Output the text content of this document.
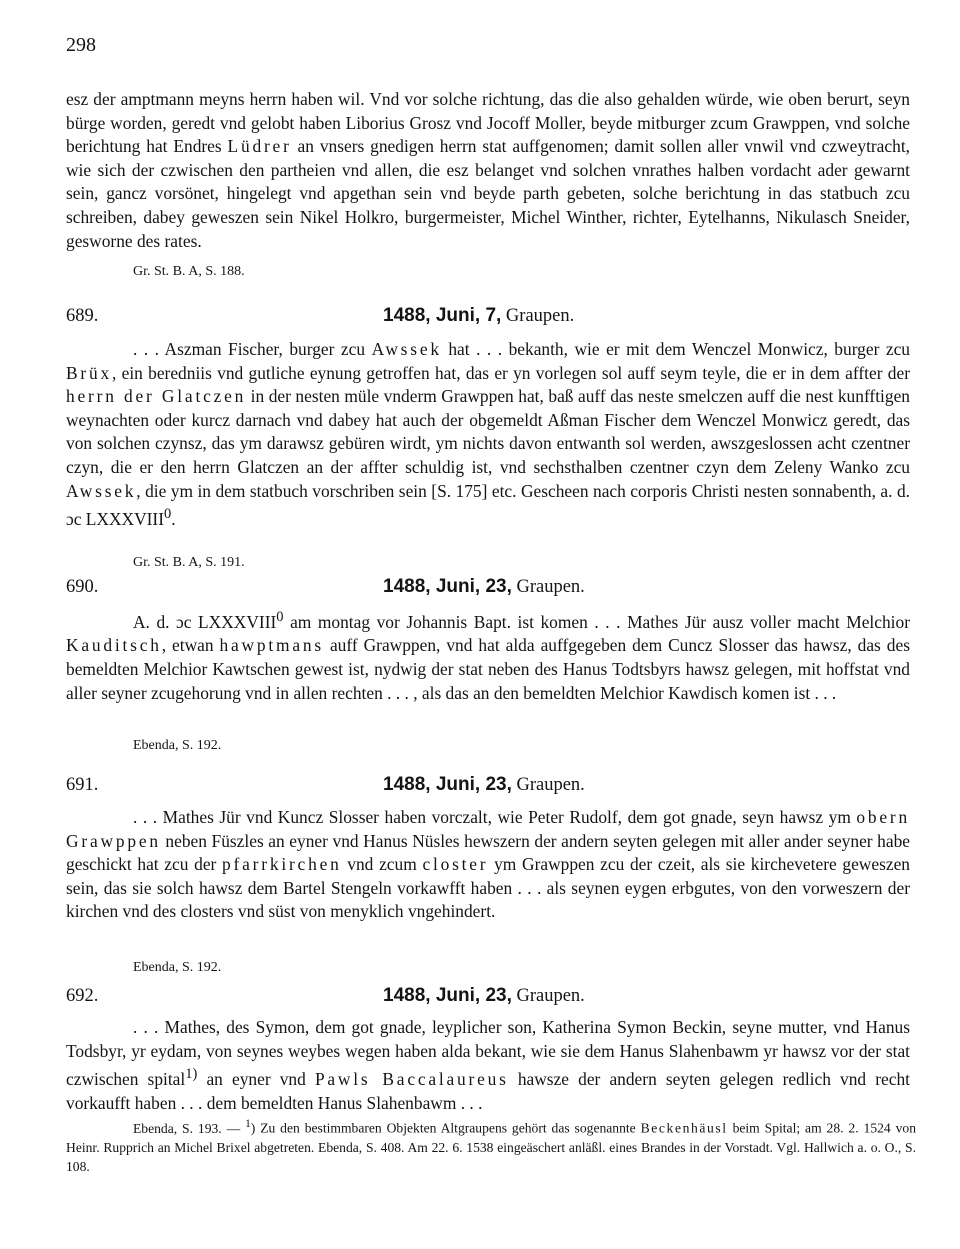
298

esz der amptmann meyns herrn haben wil. Vnd vor solche richtung, das die also gehalden würde, wie oben berurt, seyn bürge worden, geredt vnd gelobt haben Liborius Grosz vnd Jocoff Moller, beyde mitburger zcum Grawppen, vnd solche berichtung hat Endres Lüdrer an vnsers gnedigen herrn stat auffgenomen; damit sollen aller vnwil vnd czweytracht, wie sich der czwischen den partheien vnd allen, die esz belanget vnd solchen vnrathes halben vordacht ader gewarnt sein, gancz vorsönet, hingelegt vnd apgethan sein vnd beyde parth gebeten, solche berichtung in das statbuch zcu schreiben, dabey geweszen sein Nikel Holkro, burgermeister, Michel Winther, richter, Eytelhanns, Nikulasch Sneider, gesworne des rates.

Gr. St. B. A, S. 188.
689.	1488, Juni, 7, Graupen.

. . . Aszman Fischer, burger zcu Awssek hat . . . bekanth, wie er mit dem Wenczel Monwicz, burger zcu Brüx, ein beredniis vnd gutliche eynung getroffen hat, das er yn vorlegen sol auff seym teyle, die er in dem affter der herrn der Glatczen in der nesten müle vnderm Grawppen hat, baß auff das neste smelczen auff die nest kunfftigen weynachten oder kurcz darnach vnd dabey hat auch der obgemeldt Aßman Fischer dem Wenczel Monwicz geredt, das von solchen czynsz, das ym darawsz gebüren wirdt, ym nichts davon entwanth sol werden, awszgeslossen acht czentner czyn, die er den herrn Glatczen an der affter schuldig ist, vnd sechsthalben czentner czyn dem Zeleny Wanko zcu Awssek, die ym in dem statbuch vorschriben sein [S. 175] etc. Gescheen nach corporis Christi nesten sonnabenth, a. d. ɔc LXXXVIII$^0$.

Gr. St. B. A, S. 191.
690.	1488, Juni, 23, Graupen.

A. d. ɔc LXXXVIII$^0$ am montag vor Johannis Bapt. ist komen . . . Mathes Jür ausz voller macht Melchior Kauditsch, etwan hawptmans auff Grawppen, vnd hat alda auffgegeben dem Cuncz Slosser das hawsz, das des bemeldten Melchior Kawtschen gewest ist, nydwig der stat neben des Hanus Todtsbyrs hawsz gelegen, mit hoffstat vnd aller seyner zcugehorung vnd in allen rechten . . . , als das an den bemeldten Melchior Kawdisch komen ist . . .

Ebenda, S. 192.
691.	1488, Juni, 23, Graupen.

. . . Mathes Jür vnd Kuncz Slosser haben vorczalt, wie Peter Rudolf, dem got gnade, seyn hawsz ym obern Grawppen neben Füszles an eyner vnd Hanus Nüsles hewszern der andern seyten gelegen mit aller ander seyner habe geschickt hat zcu der pfarrkirchen vnd zcum closter ym Grawppen zcu der czeit, als sie kirchevetere geweszen sein, das sie solch hawsz dem Bartel Stengeln vorkawfft haben . . . als seynen eygen erbgutes, von den vorweszern der kirchen vnd des closters vnd süst von menyklich vngehindert.

Ebenda, S. 192.
692.	1488, Juni, 23, Graupen.

. . . Mathes, des Symon, dem got gnade, leyplicher son, Katherina Symon Beckin, seyne mutter, vnd Hanus Todsbyr, yr eydam, von seynes weybes wegen haben alda bekant, wie sie dem Hanus Slahenbawm yr hawsz vor der stat czwischen spital$^{1)}$ an eyner vnd Pawls Baccalaureus hawsze der andern seyten gelegen redlich vnd recht vorkaufft haben . . . dem bemeldten Hanus Slahenbawm . . .

Ebenda, S. 193. — $^1$) Zu den bestimmbaren Objekten Altgraupens gehört das sogenannte Beckenhäusl beim Spital; am 28. 2. 1524 von Heinr. Rupprich an Michel Brixel abgetreten. Ebenda, S. 408. Am 22. 6. 1538 eingeäschert anläßl. eines Brandes in der Vorstadt. Vgl. Hallwich a. o. O., S. 108.
